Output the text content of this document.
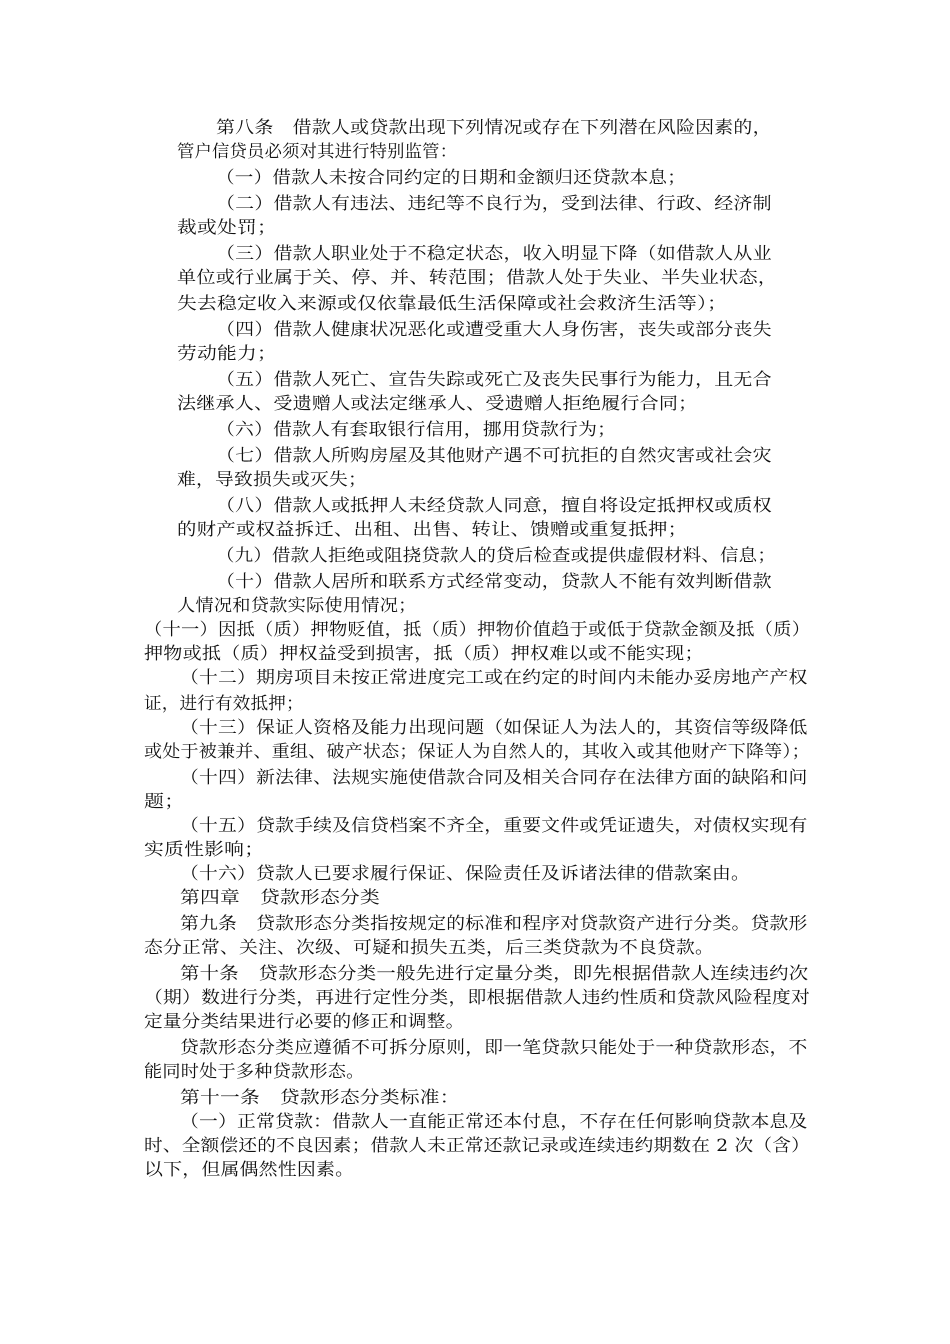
第八条　借款人或贷款出现下列情况或存在下列潜在风险因素的，
管户信贷员必须对其进行特别监管：
（一）借款人未按合同约定的日期和金额归还贷款本息；
（二）借款人有违法、违纪等不良行为，受到法律、行政、经济制
裁或处罚；
（三）借款人职业处于不稳定状态，收入明显下降（如借款人从业
单位或行业属于关、停、并、转范围；借款人处于失业、半失业状态，
失去稳定收入来源或仅依靠最低生活保障或社会救济生活等）；
（四）借款人健康状况恶化或遭受重大人身伤害，丧失或部分丧失
劳动能力；
（五）借款人死亡、宣告失踪或死亡及丧失民事行为能力，且无合
法继承人、受遗赠人或法定继承人、受遗赠人拒绝履行合同；
（六）借款人有套取银行信用，挪用贷款行为；
（七）借款人所购房屋及其他财产遇不可抗拒的自然灾害或社会灾
难，导致损失或灭失；
（八）借款人或抵押人未经贷款人同意，擅自将设定抵押权或质权
的财产或权益拆迁、出租、出售、转让、馈赠或重复抵押；
（九）借款人拒绝或阻挠贷款人的贷后检查或提供虚假材料、信息；
（十）借款人居所和联系方式经常变动，贷款人不能有效判断借款
人情况和贷款实际使用情况；
（十一）因抵（质）押物贬值，抵（质）押物价值趋于或低于贷款金额及抵（质）
押物或抵（质）押权益受到损害，抵（质）押权难以或不能实现；
（十二）期房项目未按正常进度完工或在约定的时间内未能办妥房地产产权
证，进行有效抵押；
（十三）保证人资格及能力出现问题（如保证人为法人的，其资信等级降低
或处于被兼并、重组、破产状态；保证人为自然人的，其收入或其他财产下降等）；
（十四）新法律、法规实施使借款合同及相关合同存在法律方面的缺陷和问
题；
（十五）贷款手续及信贷档案不齐全，重要文件或凭证遗失，对债权实现有
实质性影响；
（十六）贷款人已要求履行保证、保险责任及诉诸法律的借款案由。
第四章　贷款形态分类
第九条　贷款形态分类指按规定的标准和程序对贷款资产进行分类。贷款形
态分正常、关注、次级、可疑和损失五类，后三类贷款为不良贷款。
第十条　贷款形态分类一般先进行定量分类，即先根据借款人连续违约次
（期）数进行分类，再进行定性分类，即根据借款人违约性质和贷款风险程度对
定量分类结果进行必要的修正和调整。
贷款形态分类应遵循不可拆分原则，即一笔贷款只能处于一种贷款形态，不
能同时处于多种贷款形态。
第十一条　贷款形态分类标准：
（一）正常贷款：借款人一直能正常还本付息，不存在任何影响贷款本息及
时、全额偿还的不良因素；借款人未正常还款记录或连续违约期数在 2 次（含）
以下，但属偶然性因素。
